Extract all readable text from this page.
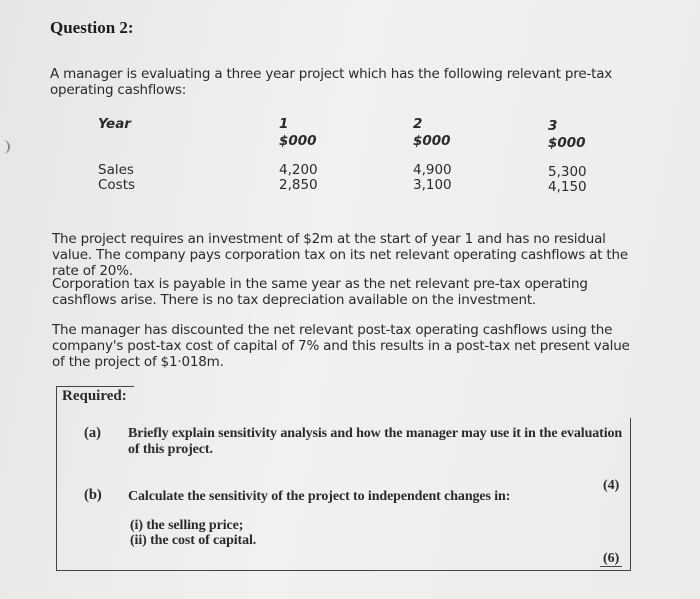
Question 2:
A manager is evaluating a three year project which has the following relevant pre-tax operating cashflows:
Year	1
$000
2
$000
3
$000
Sales
Costs
4,200
2,850
4,900
3,100
5,300
4,150
The project requires an investment of $2m at the start of year 1 and has no residual value. The company pays corporation tax on its net relevant operating cashflows at the rate of 20%.
Corporation tax is payable in the same year as the net relevant pre-tax operating cashflows arise. There is no tax depreciation available on the investment.
The manager has discounted the net relevant post-tax operating cashflows using the company's post-tax cost of capital of 7% and this results in a post-tax net present value of the project of $1·018m.
Required:
(a) Briefly explain sensitivity analysis and how the manager may use it in the evaluation of this project.
(4)
(b) Calculate the sensitivity of the project to independent changes in:
(i) the selling price;
(ii) the cost of capital.
(6)
